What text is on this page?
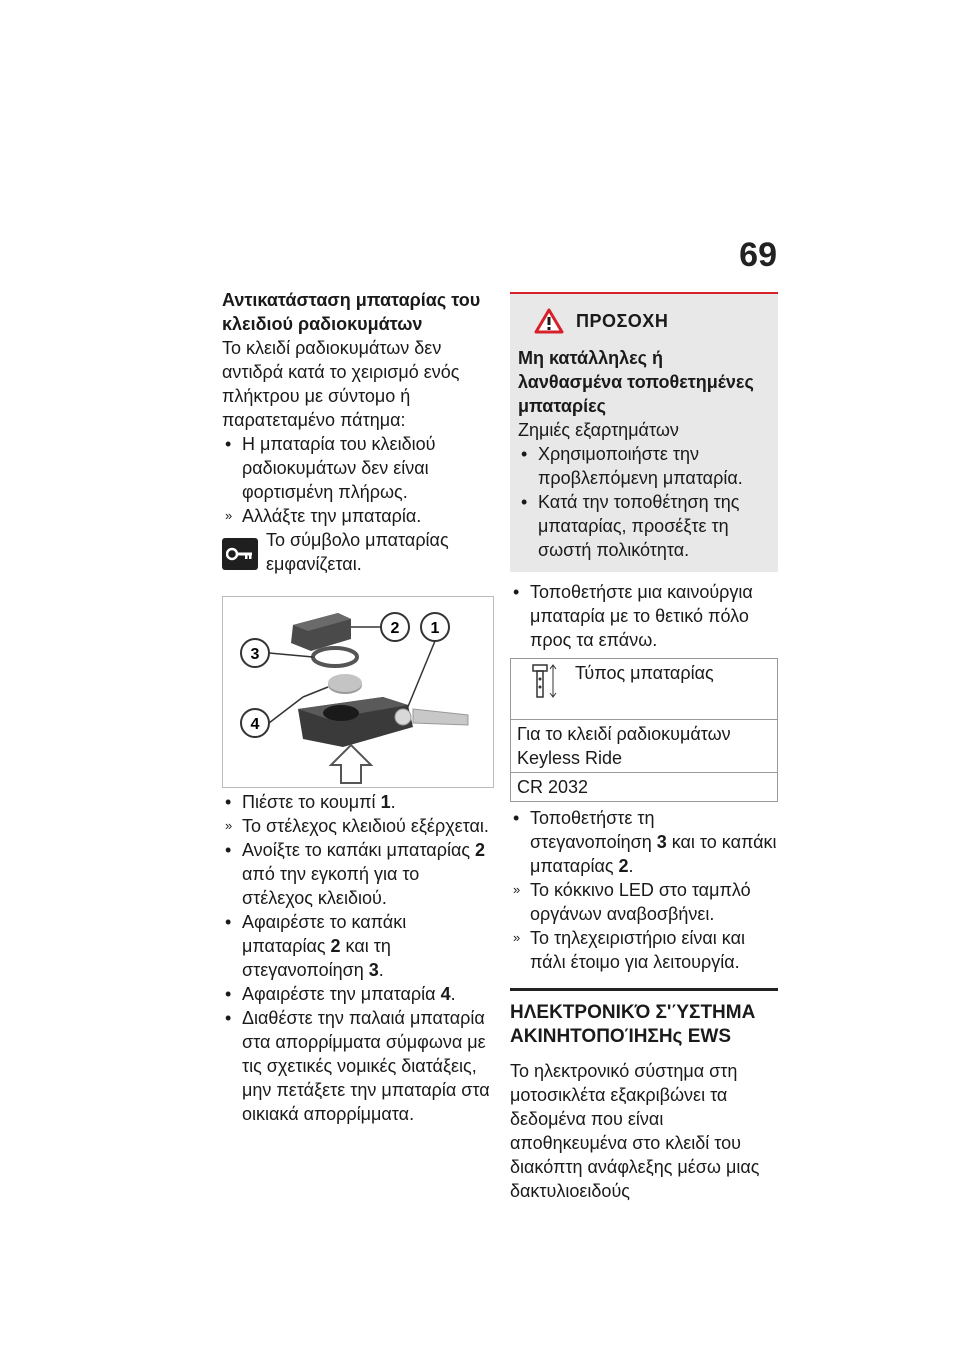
69
Αντικατάσταση μπαταρίας του κλειδιού ραδιοκυμάτων

Το κλειδί ραδιοκυμάτων δεν αντιδρά κατά το χειρισμό ενός πλήκτρου με σύντομο ή παρατεταμένο πάτημα:

• Η μπαταρία του κλειδιού ραδιοκυμάτων δεν είναι φορτισμένη πλήρως.
» Αλλάξτε την μπαταρία.

Το σύμβολο μπαταρίας εμφανίζεται.

2 1
3
4
• Πιέστε το κουμπί 1.
» Το στέλεχος κλειδιού εξέρχεται.
• Ανοίξτε το καπάκι μπαταρίας 2 από την εγκοπή για το στέλεχος κλειδιού.
• Αφαιρέστε το καπάκι μπαταρίας 2 και τη στεγανοποίηση 3.
• Αφαιρέστε την μπαταρία 4.
• Διαθέστε την παλαιά μπαταρία στα απορρίμματα σύμφωνα με τις σχετικές νομικές διατάξεις, μην πετάξετε την μπαταρία στα οικιακά απορρίμματα.
ΠΡΟΣΟΧΗ
Μη κατάλληλες ή λανθασμένα τοποθετημένες μπαταρίες

Ζημιές εξαρτημάτων

• Χρησιμοποιήστε την προβλεπόμενη μπαταρία.
• Κατά την τοποθέτηση της μπαταρίας, προσέξτε τη σωστή πολικότητα.
• Τοποθετήστε μια καινούργια μπαταρία με το θετικό πόλο προς τα επάνω.
Τύπος μπαταρίας

Για το κλειδί ραδιοκυμάτων Keyless Ride
CR 2032
• Τοποθετήστε τη στεγανοποίηση 3 και το καπάκι μπαταρίας 2.
» Το κόκκινο LED στο ταμπλό οργάνων αναβοσβήνει.
» Το τηλεχειριστήριο είναι και πάλι έτοιμο για λειτουργία.
ΗΛΕΚΤΡΟΝΙΚΌ Σ'ΎΣΤΗΜΑ ΑΚΙΝΗΤΟΠΟΊΗΣΗς EWS

Το ηλεκτρονικό σύστημα στη μοτοσικλέτα εξακριβώνει τα δεδομένα που είναι αποθηκευμένα στο κλειδί του διακόπτη ανάφλεξης μέσω μιας δακτυλιοειδούς
